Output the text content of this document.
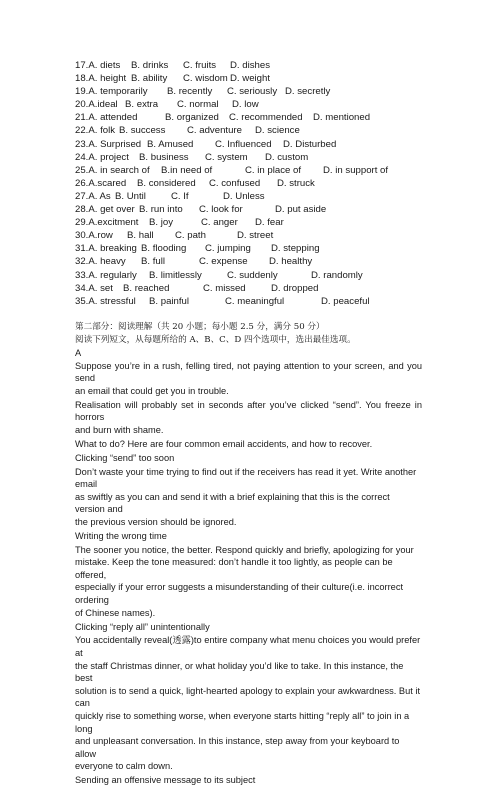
17.A. diets B. drinks C. fruits D. dishes
18.A. height B. ability C. wisdom D. weight
19.A. temporarily B. recently C. seriously D. secretly
20.A.ideal B. extra C. normal D. low
21.A. attended	B. organized C. recommended D. mentioned
22.A. folk B. success C. adventure D. science
23.A. Surprised B. Amused C. Influenced D. Disturbed
24.A. project B. business C. system D. custom
25.A. in search of B.in need of	C. in place of D. in support of
26.A.scared B. considered C. confused D. struck
27.A. As B. Until	C. If	D. Unless
28.A. get over B. run into C. look for	D. put aside
29.A.excitment B. joy	C. anger D. fear
30.A.row B. hall C. path	D. street
31.A. breaking B. flooding C. jumping D. stepping
32.A. heavy B. full	C. expense D. healthy
33.A. regularly B. limitlessly	C. suddenly	D. randomly
34.A. set B. reached	C. missed	D. dropped
35.A. stressful B. painful	C. meaningful	D. peaceful
第二部分：阅读理解（共 20 小题；每小题 2.5 分，满分 50 分）
阅读下列短文，从每题所给的 A、B、C、D 四个选项中，选出最佳选项。

A

Suppose you’re in a rush, felling tired, not paying attention to your screen, and you send

an email that could get you in trouble.

Realisation will probably set in seconds after you’ve clicked “send”. You freeze in horrors

and burn with shame.

What to do? Here are four common email accidents, and how to recover.

Clicking “send” too soon

Don’t waste your time trying to find out if the receivers has read it yet. Write another email

as swiftly as you can and send it with a brief explaining that this is the correct version and

the previous version should be ignored.

Writing the wrong time

The sooner you notice, the better. Respond quickly and briefly, apologizing for your

mistake. Keep the tone measured: don’t handle it too lightly, as people can be offered,

especially if your error suggests a misunderstanding of their culture(i.e. incorrect ordering

of Chinese names).

Clicking “reply all” unintentionally

You accidentally reveal(透露)to entire company what menu choices you would prefer at

the staff Christmas dinner, or what holiday you’d like to take. In this instance, the best

solution is to send a quick, light-hearted apology to explain your awkwardness. But it can

quickly rise to something worse, when everyone starts hitting “reply all” to join in a long

and unpleasant conversation. In this instance, step away from your keyboard to allow

everyone to calm down.

Sending an offensive message to its subject
